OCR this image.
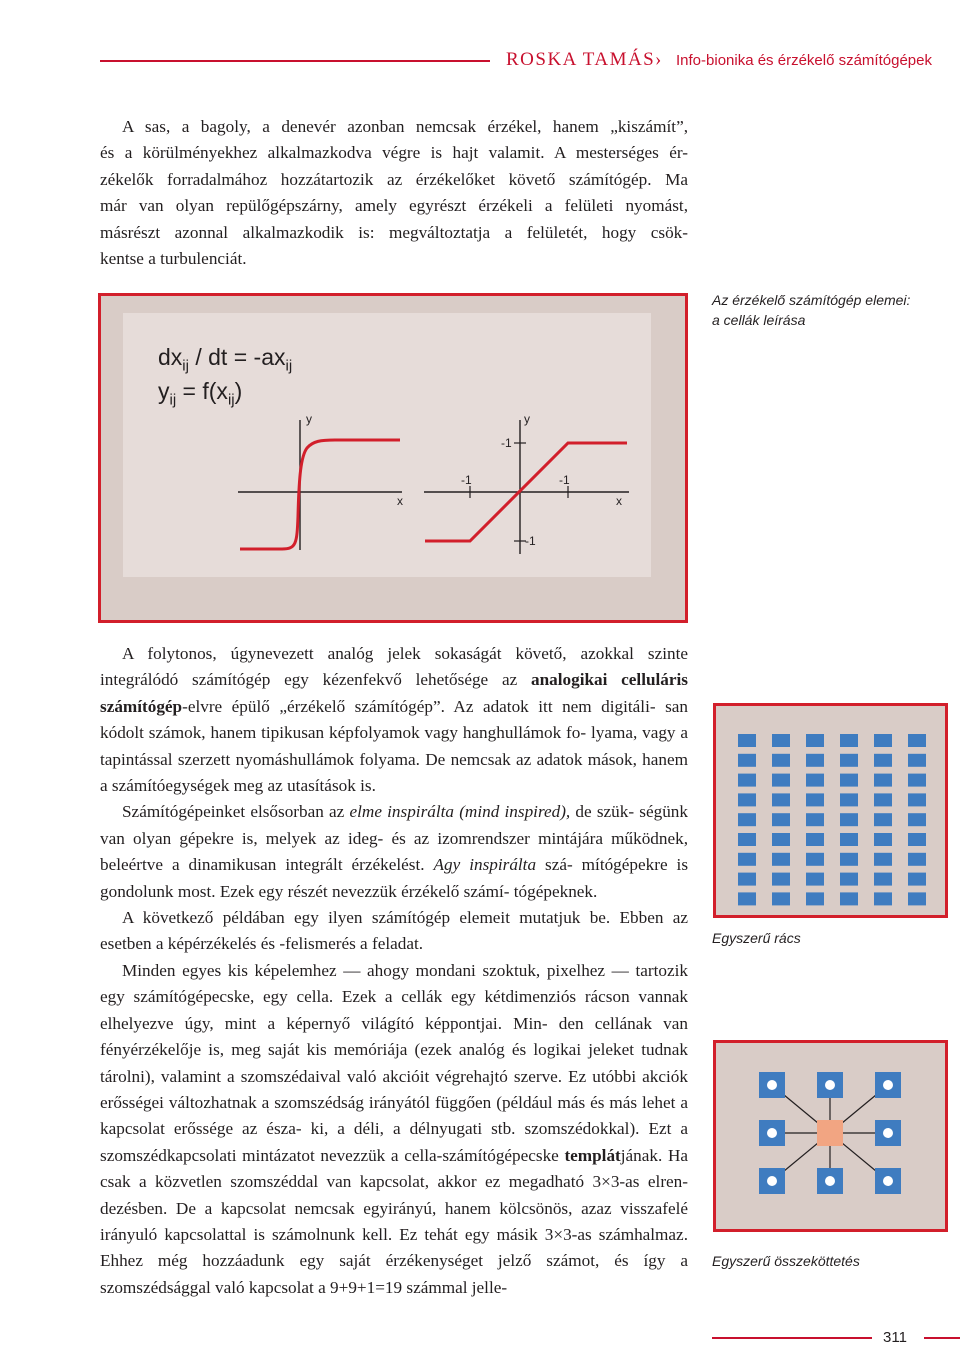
ROSKA TAMÁS › Info-bionika és érzékelő számítógépek

A sas, a bagoly, a denevér azonban nemcsak érzékel, hanem „kiszámít”,

és a körülményekhez alkalmazkodva végre is hajt valamit. A mesterséges ér-

zékelők forradalmához hozzátartozik az érzékelőket követő számítógép. Ma

már van olyan repülőgépszárny, amely egyrészt érzékeli a felületi nyomást,

másrészt azonnal alkalmazkodik is: megváltoztatja a felületét, hogy csök-

kentse a turbulenciát.

Az érzékelő számítógép elemei:
a cellák leírása
$dx_{ij}$ / dt = $-ax_{ij}$
$y_{ij} = f(x_{ij})$
y
x
y
x
-1	-1
-1
-1

A folytonos, úgynevezett analóg jelek sokaságát követő, azokkal szinte integrálódó számítógép egy kézenfekvő lehetősége az analogikai celluláris számítógép-elvre épülő „érzékelő számítógép”. Az adatok itt nem digitáli- san kódolt számok, hanem tipikusan képfolyamok vagy hanghullámok fo- lyama, vagy a tapintással szerzett nyomáshullámok folyama. De nemcsak az adatok mások, hanem a számítóegységek meg az utasítások is.

Számítógépeinket elsősorban az elme inspirálta (mind inspired), de szük- ségünk van olyan gépekre is, melyek az ideg- és az izomrendszer mintájára működnek, beleértve a dinamikusan integrált érzékelést. Agy inspirálta szá- mítógépekre is gondolunk most. Ezek egy részét nevezzük érzékelő számí- tógépeknek.

A következő példában egy ilyen számítógép elemeit mutatjuk be. Ebben az esetben a képérzékelés és -felismerés a feladat.

Minden egyes kis képelemhez — ahogy mondani szoktuk, pixelhez — tartozik egy számítógépecske, egy cella. Ezek a cellák egy kétdimenziós rácson vannak elhelyezve úgy, mint a képernyő világító képpontjai. Min- den cellának van fényérzékelője is, meg saját kis memóriája (ezek analóg és logikai jeleket tudnak tárolni), valamint a szomszédaival való akcióit végrehajtó szerve. Ez utóbbi akciók erősségei változhatnak a szomszédság irányától függően (például más és más lehet a kapcsolat erőssége az észa- ki, a déli, a délnyugati stb. szomszédokkal). Ezt a szomszédkapcsolati mintázatot nevezzük a cella-számítógépecske templátjának. Ha csak a közvetlen szomszéddal van kapcsolat, akkor ez megadható 3×3-as elren- dezésben. De a kapcsolat nemcsak egyirányú, hanem kölcsönös, azaz visszafelé irányuló kapcsolattal is számolnunk kell. Ez tehát egy másik 3×3-as számhalmaz. Ehhez még hozzáadunk egy saját érzékenységet jelző számot, és így a szomszédsággal való kapcsolat a 9+9+1=19 számmal jelle-

Egyszerű rács
Egyszerű összeköttetés
311
